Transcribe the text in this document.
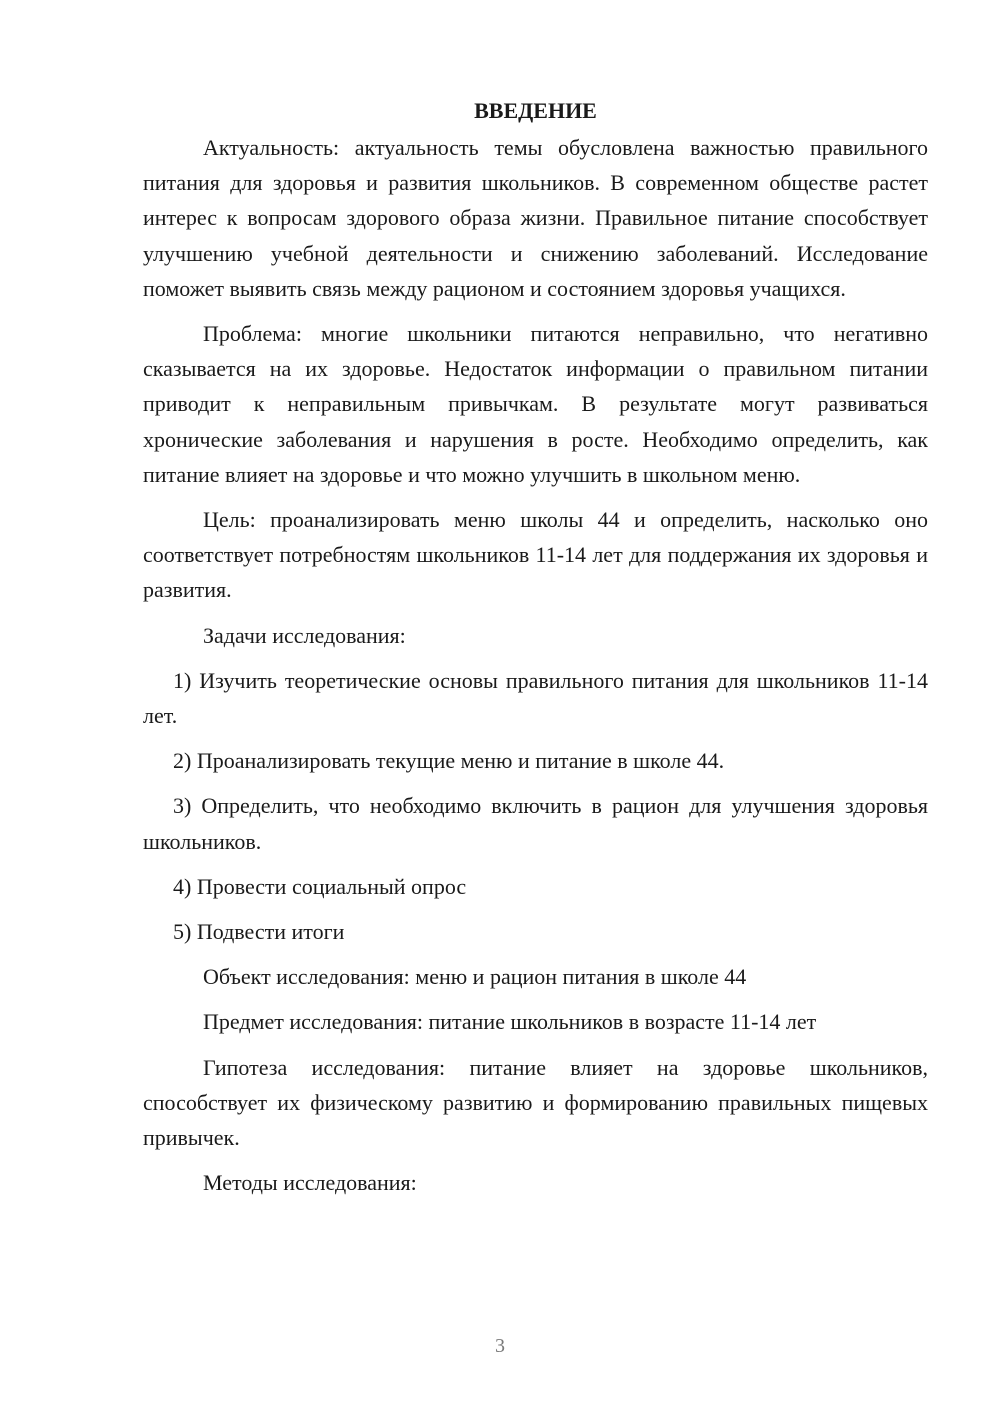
ВВЕДЕНИЕ

Актуальность: актуальность темы обусловлена важностью правильного питания для здоровья и развития школьников. В современном обществе растет интерес к вопросам здорового образа жизни. Правильное питание способствует улучшению учебной деятельности и снижению заболеваний. Исследование поможет выявить связь между рационом и состоянием здоровья учащихся.

Проблема: многие школьники питаются неправильно, что негативно сказывается на их здоровье. Недостаток информации о правильном питании приводит к неправильным привычкам. В результате могут развиваться хронические заболевания и нарушения в росте. Необходимо определить, как питание влияет на здоровье и что можно улучшить в школьном меню.

Цель: проанализировать меню школы 44 и определить, насколько оно соответствует потребностям школьников 11-14 лет для поддержания их здоровья и развития.

Задачи исследования:

1) Изучить теоретические основы правильного питания для школьников 11-14 лет.

2) Проанализировать текущие меню и питание в школе 44.

3) Определить, что необходимо включить в рацион для улучшения здоровья школьников.

4) Провести социальный опрос

5) Подвести итоги

Объект исследования: меню и рацион питания в школе 44

Предмет исследования: питание школьников в возрасте 11-14 лет

Гипотеза исследования: питание влияет на здоровье школьников, способствует их физическому развитию и формированию правильных пищевых привычек.

Методы исследования:

3
